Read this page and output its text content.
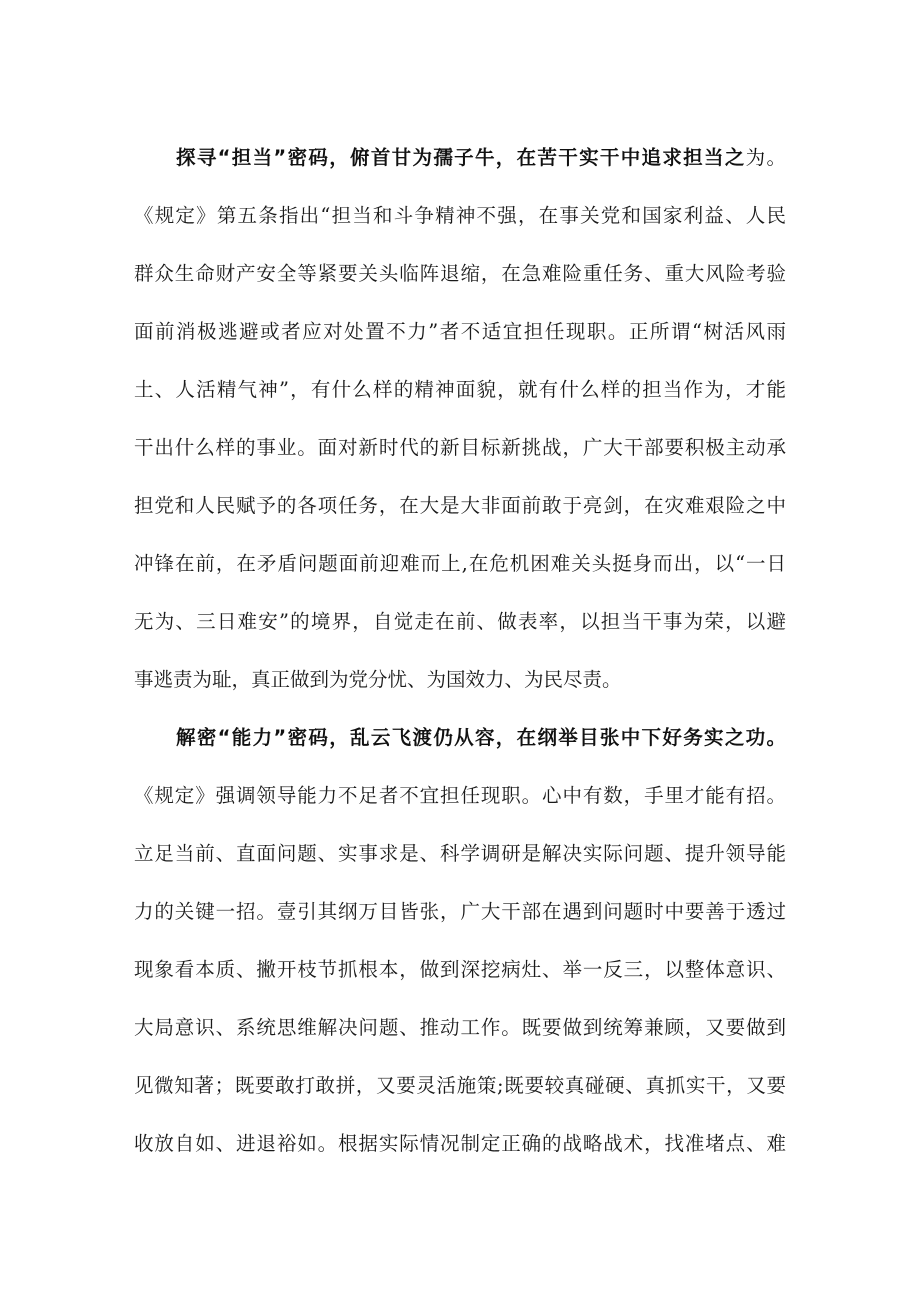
探寻“担当”密码，俯首甘为孺子牛，在苦干实干中追求担当之为。
《规定》第五条指出“担当和斗争精神不强，在事关党和国家利益、人民
群众生命财产安全等紧要关头临阵退缩，在急难险重任务、重大风险考验
面前消极逃避或者应对处置不力”者不适宜担任现职。正所谓“树活风雨
土、人活精气神”，有什么样的精神面貌，就有什么样的担当作为，才能
干出什么样的事业。面对新时代的新目标新挑战，广大干部要积极主动承
担党和人民赋予的各项任务，在大是大非面前敢于亮剑，在灾难艰险之中
冲锋在前，在矛盾问题面前迎难而上,在危机困难关头挺身而出，以“一日
无为、三日难安”的境界，自觉走在前、做表率，以担当干事为荣，以避
事逃责为耻，真正做到为党分忧、为国效力、为民尽责。
解密“能力”密码，乱云飞渡仍从容，在纲举目张中下好务实之功。
《规定》强调领导能力不足者不宜担任现职。心中有数，手里才能有招。
立足当前、直面问题、实事求是、科学调研是解决实际问题、提升领导能
力的关键一招。壹引其纲万目皆张，广大干部在遇到问题时中要善于透过
现象看本质、撇开枝节抓根本，做到深挖病灶、举一反三，以整体意识、
大局意识、系统思维解决问题、推动工作。既要做到统筹兼顾，又要做到
见微知著；既要敢打敢拼，又要灵活施策;既要较真碰硬、真抓实干，又要
收放自如、进退裕如。根据实际情况制定正确的战略战术，找准堵点、难
